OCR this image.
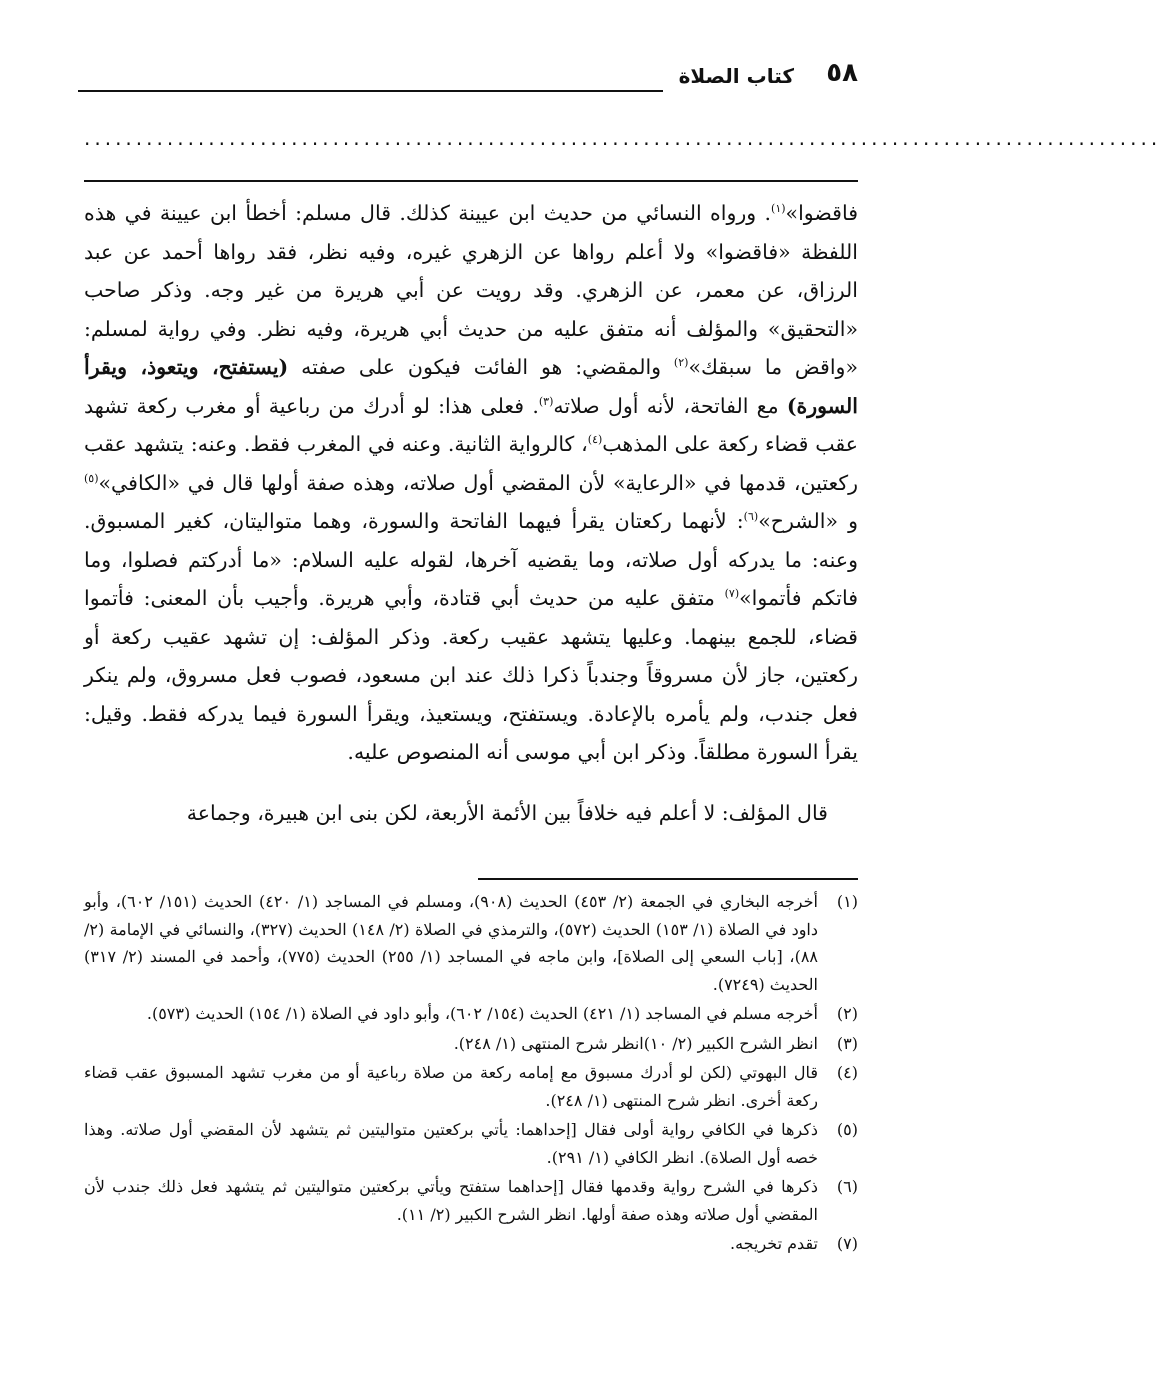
٥٨
كتاب الصلاة
........................................................................................................

فاقضوا»$^{(١)}$. ورواه النسائي من حديث ابن عيينة كذلك. قال مسلم: أخطأ ابن عيينة في هذه اللفظة «فاقضوا» ولا أعلم رواها عن الزهري غيره، وفيه نظر، فقد رواها أحمد عن عبد الرزاق، عن معمر، عن الزهري. وقد رويت عن أبي هريرة من غير وجه. وذكر صاحب «التحقيق» والمؤلف أنه متفق عليه من حديث أبي هريرة، وفيه نظر. وفي رواية لمسلم: «واقض ما سبقك»$^{(٢)}$ والمقضي: هو الفائت فيكون على صفته (يستفتح، ويتعوذ، ويقرأ السورة) مع الفاتحة، لأنه أول صلاته$^{(٣)}$. فعلى هذا: لو أدرك من رباعية أو مغرب ركعة تشهد عقب قضاء ركعة على المذهب$^{(٤)}$، كالرواية الثانية. وعنه في المغرب فقط. وعنه: يتشهد عقب ركعتين، قدمها في «الرعاية» لأن المقضي أول صلاته، وهذه صفة أولها قال في «الكافي»$^{(٥)}$ و «الشرح»$^{(٦)}$: لأنهما ركعتان يقرأ فيهما الفاتحة والسورة، وهما متواليتان، كغير المسبوق. وعنه: ما يدركه أول صلاته، وما يقضيه آخرها، لقوله عليه السلام: «ما أدركتم فصلوا، وما فاتكم فأتموا»$^{(٧)}$ متفق عليه من حديث أبي قتادة، وأبي هريرة. وأجيب بأن المعنى: فأتموا قضاء، للجمع بينهما. وعليها يتشهد عقيب ركعة. وذكر المؤلف: إن تشهد عقيب ركعة أو ركعتين، جاز لأن مسروقاً وجندباً ذكرا ذلك عند ابن مسعود، فصوب فعل مسروق، ولم ينكر فعل جندب، ولم يأمره بالإعادة. ويستفتح، ويستعيذ، ويقرأ السورة فيما يدركه فقط. وقيل: يقرأ السورة مطلقاً. وذكر ابن أبي موسى أنه المنصوص عليه.

قال المؤلف: لا أعلم فيه خلافاً بين الأئمة الأربعة، لكن بنى ابن هبيرة، وجماعة

(١)
أخرجه البخاري في الجمعة (٢/ ٤٥٣) الحديث (٩٠٨)، ومسلم في المساجد (١/ ٤٢٠) الحديث (١٥١/ ٦٠٢)، وأبو داود في الصلاة (١/ ١٥٣) الحديث (٥٧٢)، والترمذي في الصلاة (٢/ ١٤٨) الحديث (٣٢٧)، والنسائي في الإمامة (٢/ ٨٨)، [باب السعي إلى الصلاة]، وابن ماجه في المساجد (١/ ٢٥٥) الحديث (٧٧٥)، وأحمد في المسند (٢/ ٣١٧) الحديث (٧٢٤٩).
(٢)
أخرجه مسلم في المساجد (١/ ٤٢١) الحديث (١٥٤/ ٦٠٢)، وأبو داود في الصلاة (١/ ١٥٤) الحديث (٥٧٣).
(٣)
انظر الشرح الكبير (٢/ ١٠)انظر شرح المنتهى (١/ ٢٤٨).
(٤)
قال البهوتي (لكن لو أدرك مسبوق مع إمامه ركعة من صلاة رباعية أو من مغرب تشهد المسبوق عقب قضاء ركعة أخرى. انظر شرح المنتهى (١/ ٢٤٨).
(٥)
ذكرها في الكافي رواية أولى فقال [إحداهما: يأتي بركعتين متواليتين ثم يتشهد لأن المقضي أول صلاته. وهذا خصه أول الصلاة). انظر الكافي (١/ ٢٩١).
(٦)
ذكرها في الشرح رواية وقدمها فقال [إحداهما ستفتح ويأتي بركعتين متواليتين ثم يتشهد فعل ذلك جندب لأن المقضي أول صلاته وهذه صفة أولها. انظر الشرح الكبير (٢/ ١١).
(٧)
تقدم تخريجه.
